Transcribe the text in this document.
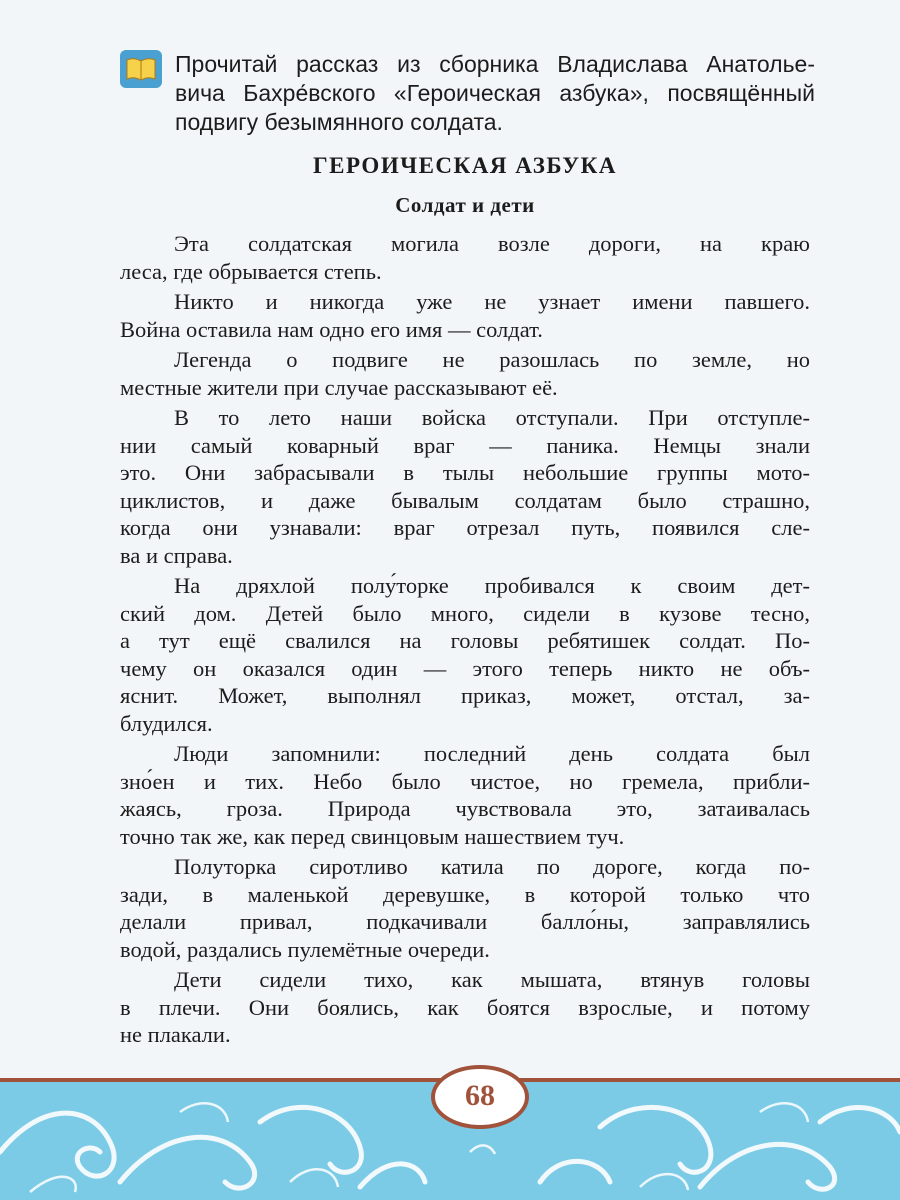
Прочитай рассказ из сборника Владислава Анатолье-
вича Бахре́вского «Героическая азбука», посвящённый
подвигу безымянного солдата.

ГЕРОИЧЕСКАЯ АЗБУКА
Солдат и дети

Эта солдатская могила возле дороги, на краю
леса, где обрывается степь.

Никто и никогда уже не узнает имени павшего.
Война оставила нам одно его имя — солдат.

Легенда о подвиге не разошлась по земле, но
местные жители при случае рассказывают её.

В то лето наши войска отступали. При отступле-
нии самый коварный враг — паника. Немцы знали
это. Они забрасывали в тылы небольшие группы мото-
циклистов, и даже бывалым солдатам было страшно,
когда они узнавали: враг отрезал путь, появился сле-
ва и справа.

На дряхлой полу́торке пробивался к своим дет-
ский дом. Детей было много, сидели в кузове тесно,
а тут ещё свалился на головы ребятишек солдат. По-
чему он оказался один — этого теперь никто не объ-
яснит. Может, выполнял приказ, может, отстал, за-
блудился.

Люди запомнили: последний день солдата был
зно́ен и тих. Небо было чистое, но гремела, прибли-
жаясь, гроза. Природа чувствовала это, затаивалась
точно так же, как перед свинцовым нашествием туч.

Полуторка сиротливо катила по дороге, когда по-
зади, в маленькой деревушке, в которой только что
делали привал, подкачивали балло́ны, заправлялись
водой, раздались пулемётные очереди.

Дети сидели тихо, как мышата, втянув головы
в плечи. Они боялись, как боятся взрослые, и потому
не плакали.

68
